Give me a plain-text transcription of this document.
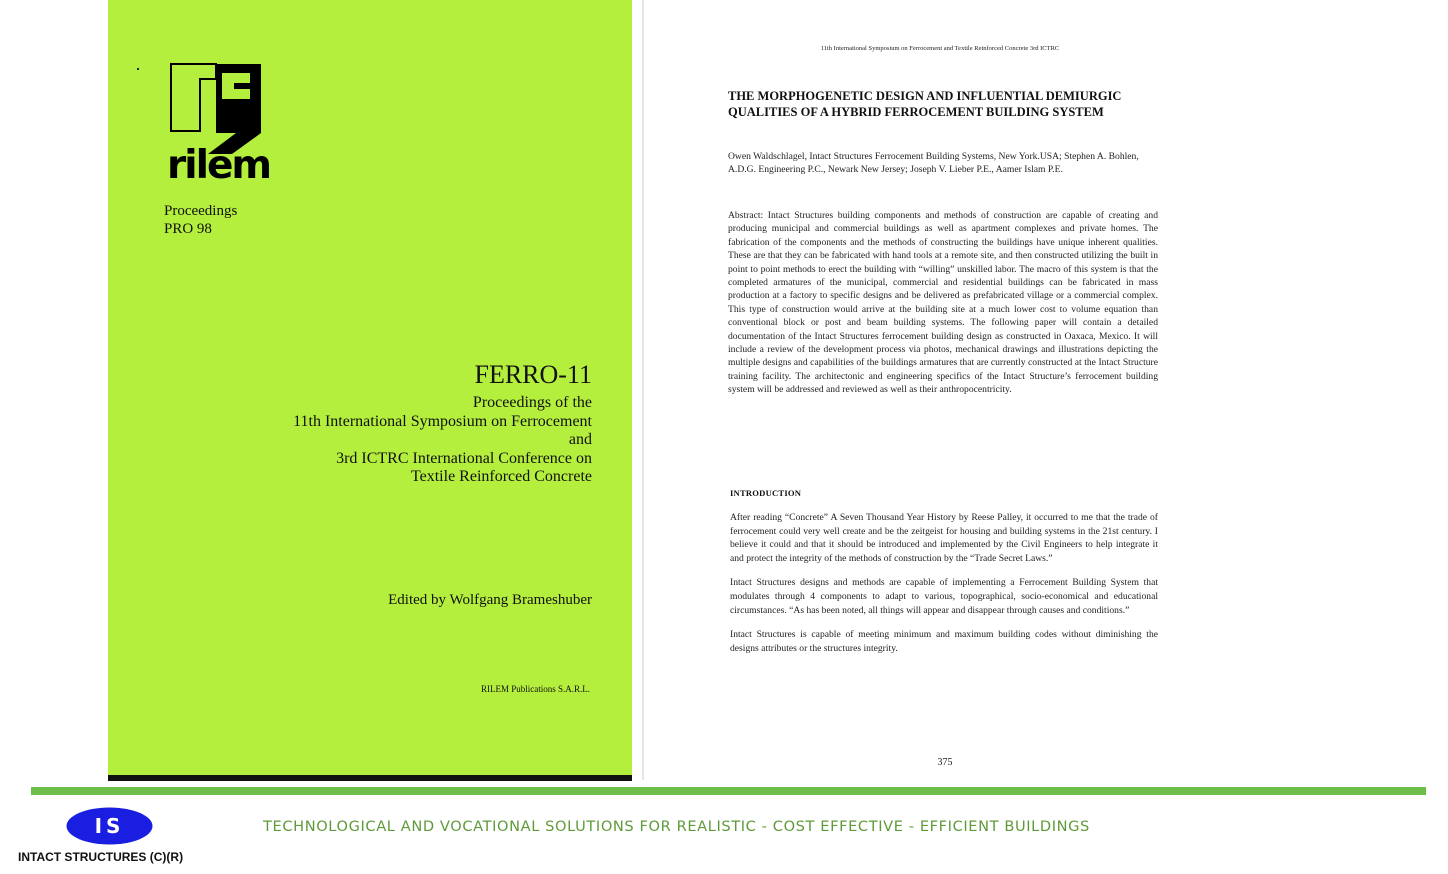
rilem
Proceedings
PRO 98
FERRO-11
Proceedings of the
11th International Symposium on Ferrocement
and
3rd ICTRC International Conference on
Textile Reinforced Concrete
Edited by Wolfgang Brameshuber
RILEM Publications S.A.R.L.
11th International Symposium on Ferrocement and Textile Reinforced Concrete 3rd ICTRC
THE MORPHOGENETIC DESIGN AND INFLUENTIAL DEMIURGIC QUALITIES OF A HYBRID FERROCEMENT BUILDING SYSTEM
Owen Waldschlagel, Intact Structures Ferrocement Building Systems, New York.USA; Stephen A. Bohlen, A.D.G. Engineering P.C., Newark New Jersey; Joseph V. Lieber P.E., Aamer Islam P.E.
Abstract: Intact Structures building components and methods of construction are capable of creating and producing municipal and commercial buildings as well as apartment complexes and private homes. The fabrication of the components and the methods of constructing the buildings have unique inherent qualities. These are that they can be fabricated with hand tools at a remote site, and then constructed utilizing the built in point to point methods to erect the building with “willing” unskilled labor. The macro of this system is that the completed armatures of the municipal, commercial and residential buildings can be fabricated in mass production at a factory to specific designs and be delivered as prefabricated village or a commercial complex. This type of construction would arrive at the building site at a much lower cost to volume equation than conventional block or post and beam building systems. The following paper will contain a detailed documentation of the Intact Structures ferrocement building design as constructed in Oaxaca, Mexico. It will include a review of the development process via photos, mechanical drawings and illustrations depicting the multiple designs and capabilities of the buildings armatures that are currently constructed at the Intact Structure training facility. The architectonic and engineering specifics of the Intact Structure’s ferrocement building system will be addressed and reviewed as well as their anthropocentricity.
INTRODUCTION

After reading “Concrete” A Seven Thousand Year History by Reese Palley, it occurred to me that the trade of ferrocement could very well create and be the zeitgeist for housing and building systems in the 21st century. I believe it could and that it should be introduced and implemented by the Civil Engineers to help integrate it and protect the integrity of the methods of construction by the “Trade Secret Laws.”

Intact Structures designs and methods are capable of implementing a Ferrocement Building System that modulates through 4 components to adapt to various, topographical, socio-economical and educational circumstances. “As has been noted, all things will appear and disappear through causes and conditions.”

Intact Structures is capable of meeting minimum and maximum building codes without diminishing the designs attributes or the structures integrity.

375
IS
INTACT STRUCTURES (C)(R)
TECHNOLOGICAL AND VOCATIONAL SOLUTIONS FOR REALISTIC - COST EFFECTIVE - EFFICIENT BUILDINGS
